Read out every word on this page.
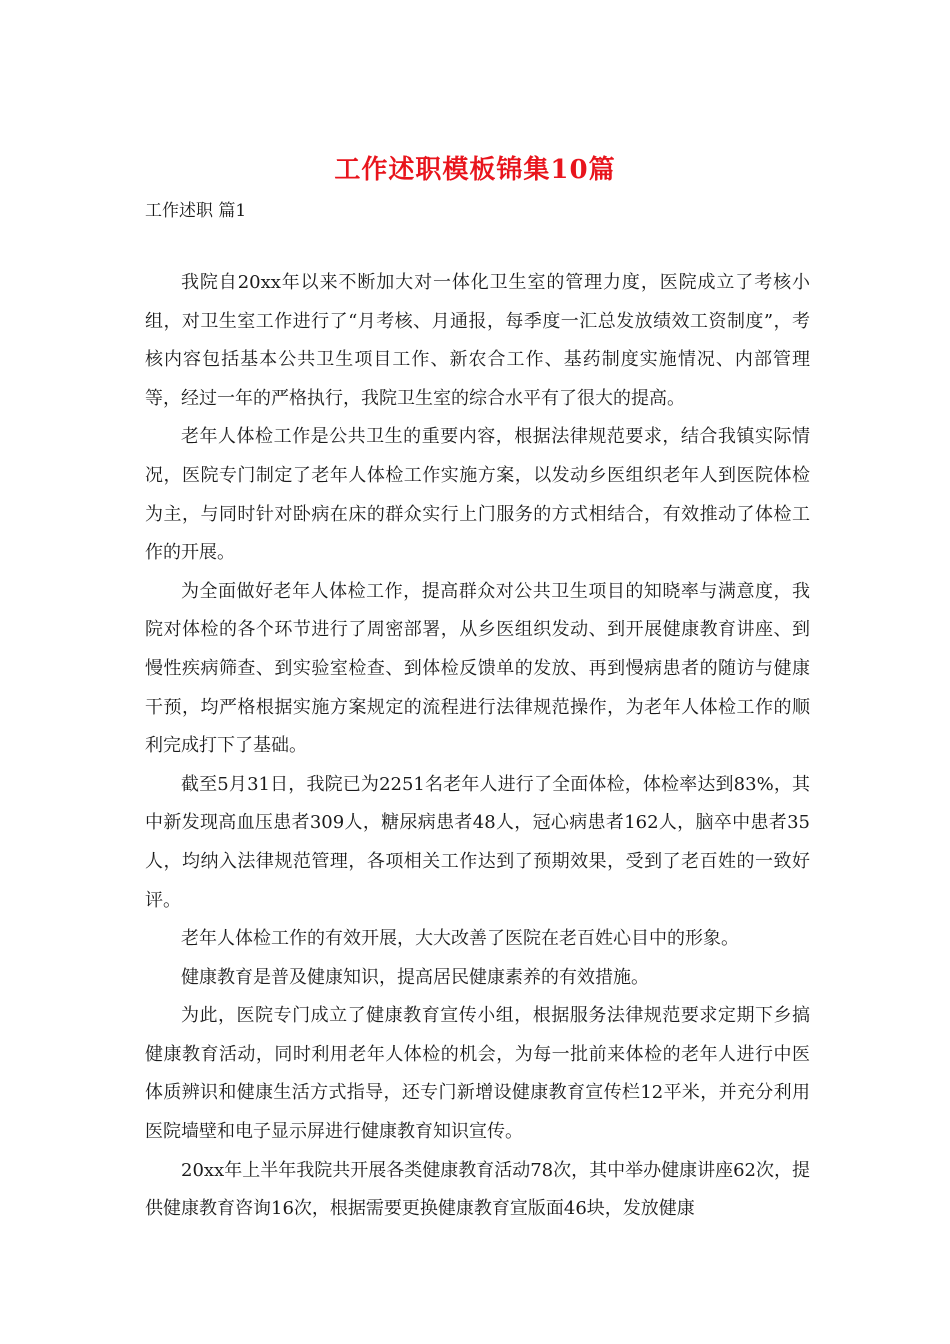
工作述职模板锦集10篇
工作述职 篇1

我院自20xx年以来不断加大对一体化卫生室的管理力度，医院成立了考核小组，对卫生室工作进行了“月考核、月通报，每季度一汇总发放绩效工资制度”，考核内容包括基本公共卫生项目工作、新农合工作、基药制度实施情况、内部管理等，经过一年的严格执行，我院卫生室的综合水平有了很大的提高。

老年人体检工作是公共卫生的重要内容，根据法律规范要求，结合我镇实际情况，医院专门制定了老年人体检工作实施方案，以发动乡医组织老年人到医院体检为主，与同时针对卧病在床的群众实行上门服务的方式相结合，有效推动了体检工作的开展。

为全面做好老年人体检工作，提高群众对公共卫生项目的知晓率与满意度，我院对体检的各个环节进行了周密部署，从乡医组织发动、到开展健康教育讲座、到慢性疾病筛查、到实验室检查、到体检反馈单的发放、再到慢病患者的随访与健康干预，均严格根据实施方案规定的流程进行法律规范操作，为老年人体检工作的顺利完成打下了基础。

截至5月31日，我院已为2251名老年人进行了全面体检，体检率达到83%，其中新发现高血压患者309人，糖尿病患者48人，冠心病患者162人，脑卒中患者35人，均纳入法律规范管理，各项相关工作达到了预期效果，受到了老百姓的一致好评。

老年人体检工作的有效开展，大大改善了医院在老百姓心目中的形象。

健康教育是普及健康知识，提高居民健康素养的有效措施。

为此，医院专门成立了健康教育宣传小组，根据服务法律规范要求定期下乡搞健康教育活动，同时利用老年人体检的机会，为每一批前来体检的老年人进行中医体质辨识和健康生活方式指导，还专门新增设健康教育宣传栏12平米，并充分利用医院墙壁和电子显示屏进行健康教育知识宣传。

20xx年上半年我院共开展各类健康教育活动78次，其中举办健康讲座62次，提供健康教育咨询16次，根据需要更换健康教育宣版面46块，发放健康
